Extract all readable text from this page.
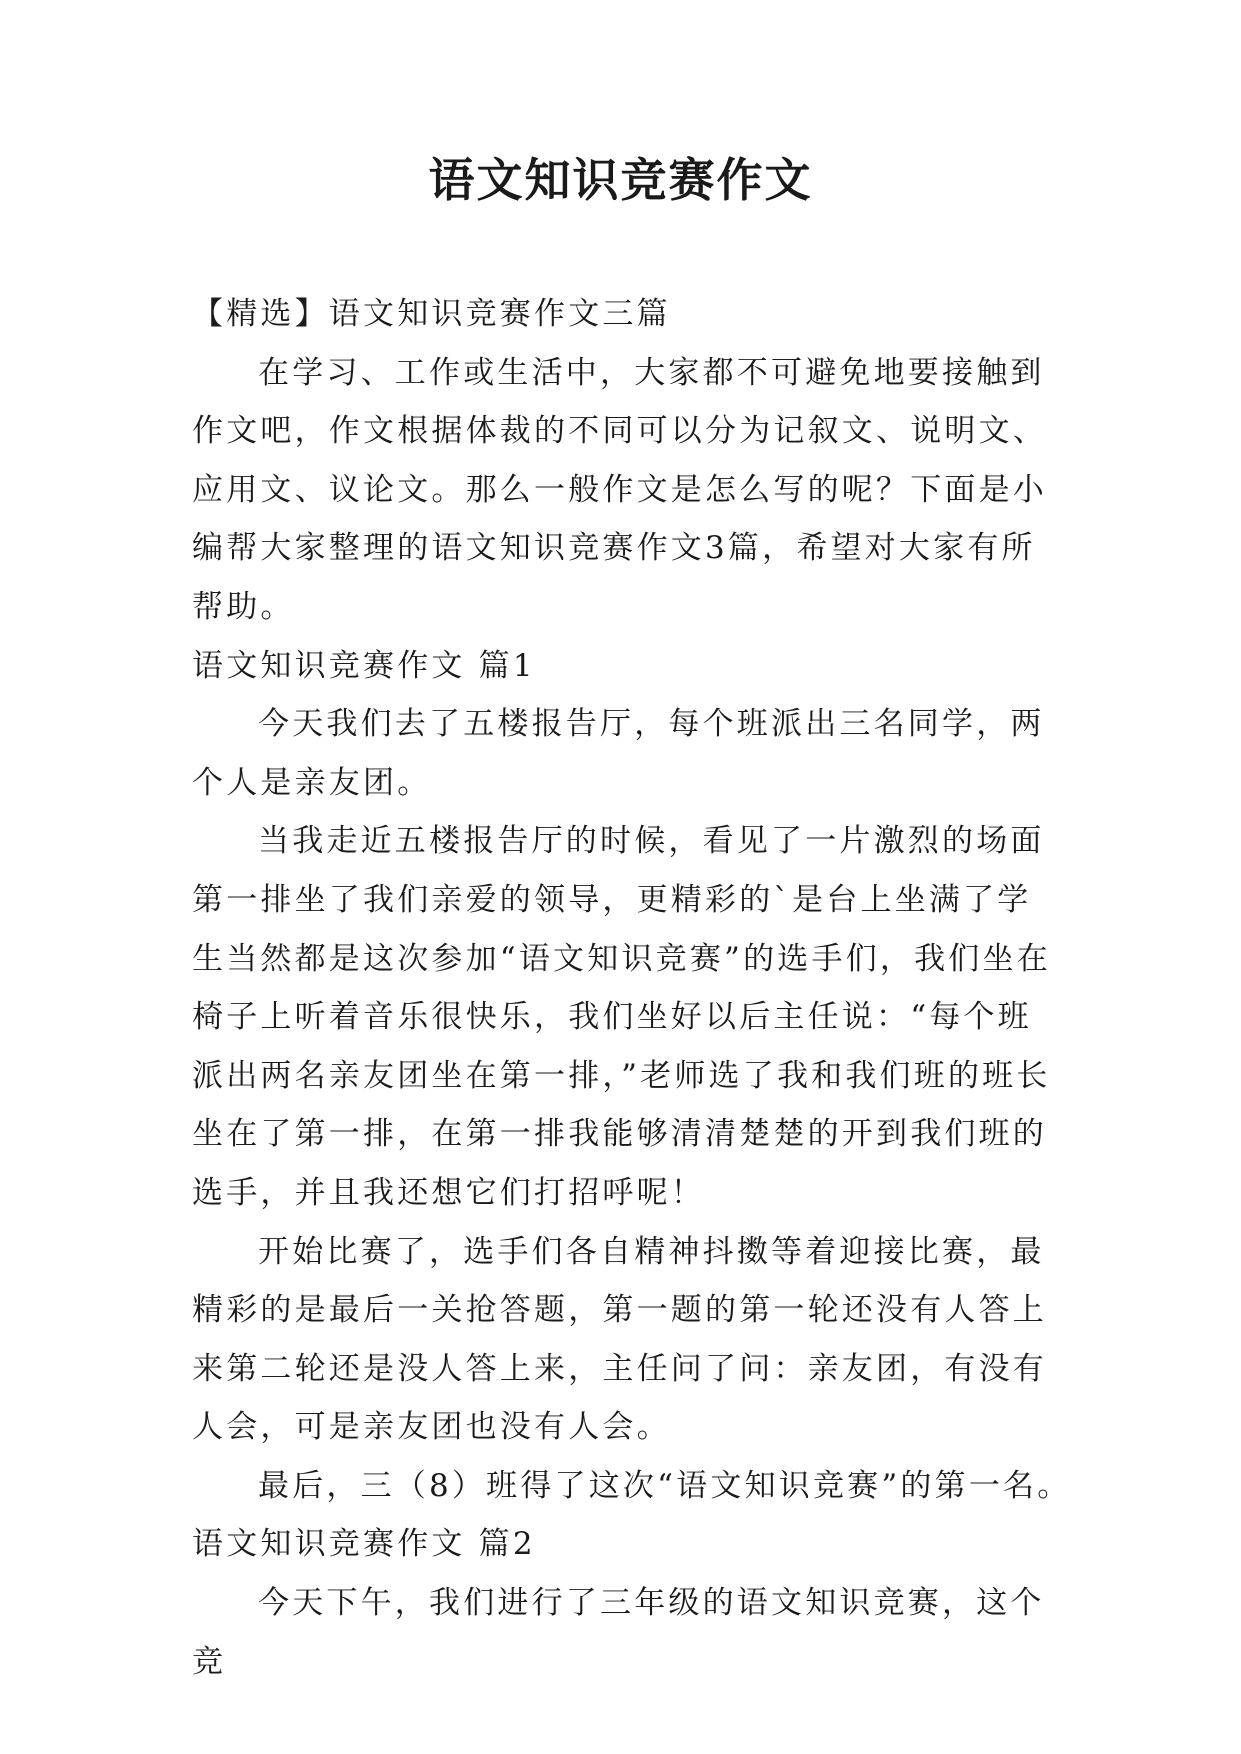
语文知识竞赛作文

【精选】语文知识竞赛作文三篇

在学习、工作或生活中，大家都不可避免地要接触到作文吧，作文根据体裁的不同可以分为记叙文、说明文、应用文、议论文。那么一般作文是怎么写的呢？下面是小编帮大家整理的语文知识竞赛作文3篇，希望对大家有所帮助。

语文知识竞赛作文 篇1

今天我们去了五楼报告厅，每个班派出三名同学，两个人是亲友团。

当我走近五楼报告厅的时候，看见了一片激烈的场面第一排坐了我们亲爱的领导，更精彩的`是台上坐满了学生当然都是这次参加“语文知识竞赛”的选手们，我们坐在椅子上听着音乐很快乐，我们坐好以后主任说：“每个班派出两名亲友团坐在第一排，”老师选了我和我们班的班长坐在了第一排，在第一排我能够清清楚楚的开到我们班的选手，并且我还想它们打招呼呢！

开始比赛了，选手们各自精神抖擞等着迎接比赛，最精彩的是最后一关抢答题，第一题的第一轮还没有人答上来第二轮还是没人答上来，主任问了问：亲友团，有没有人会，可是亲友团也没有人会。

最后，三（8）班得了这次“语文知识竞赛”的第一名。

语文知识竞赛作文 篇2

今天下午，我们进行了三年级的语文知识竞赛，这个竞
